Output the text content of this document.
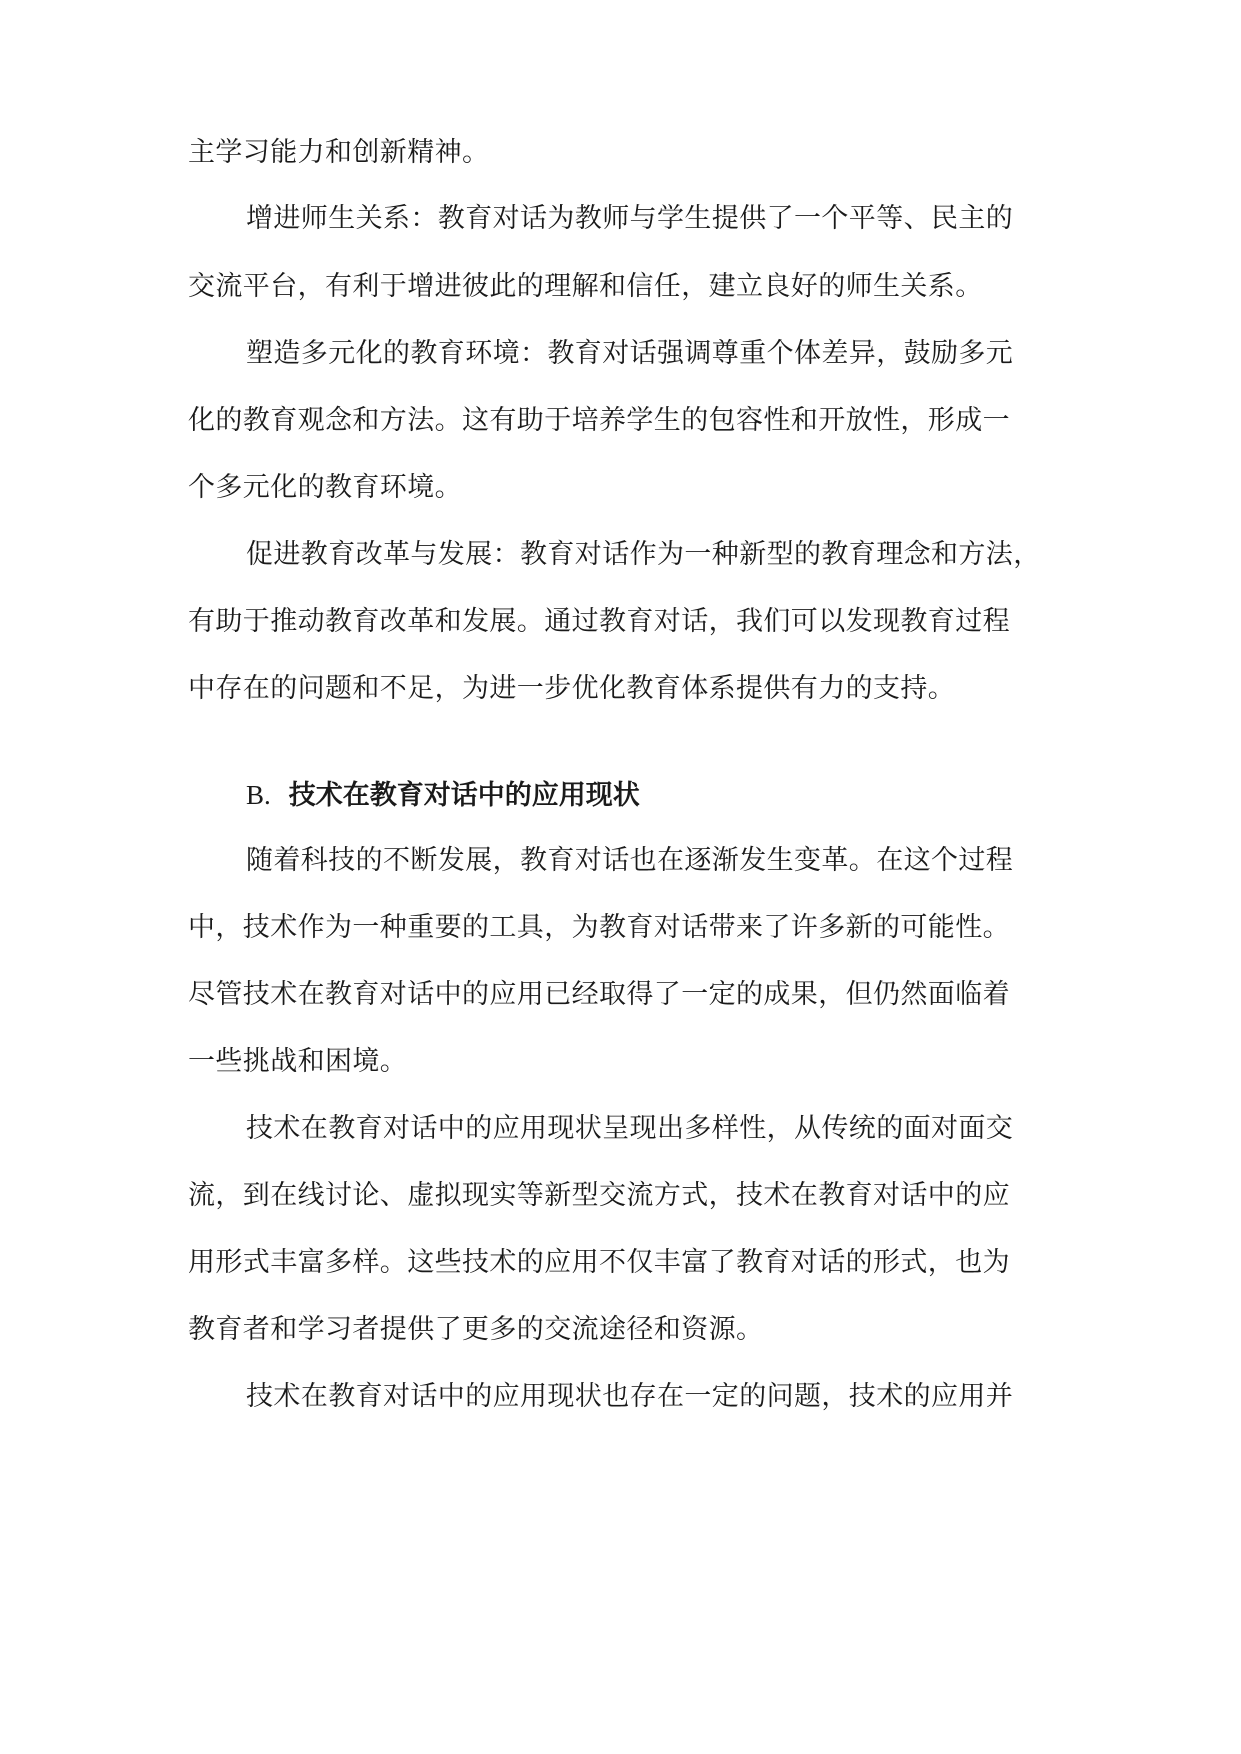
主学习能力和创新精神。
增进师生关系：教育对话为教师与学生提供了一个平等、民主的
交流平台，有利于增进彼此的理解和信任，建立良好的师生关系。
塑造多元化的教育环境：教育对话强调尊重个体差异，鼓励多元
化的教育观念和方法。这有助于培养学生的包容性和开放性，形成一
个多元化的教育环境。
促进教育改革与发展：教育对话作为一种新型的教育理念和方法，
有助于推动教育改革和发展。通过教育对话，我们可以发现教育过程
中存在的问题和不足，为进一步优化教育体系提供有力的支持。
B. 技术在教育对话中的应用现状
随着科技的不断发展，教育对话也在逐渐发生变革。在这个过程
中，技术作为一种重要的工具，为教育对话带来了许多新的可能性。
尽管技术在教育对话中的应用已经取得了一定的成果，但仍然面临着
一些挑战和困境。
技术在教育对话中的应用现状呈现出多样性，从传统的面对面交
流，到在线讨论、虚拟现实等新型交流方式，技术在教育对话中的应
用形式丰富多样。这些技术的应用不仅丰富了教育对话的形式，也为
教育者和学习者提供了更多的交流途径和资源。
技术在教育对话中的应用现状也存在一定的问题，技术的应用并
